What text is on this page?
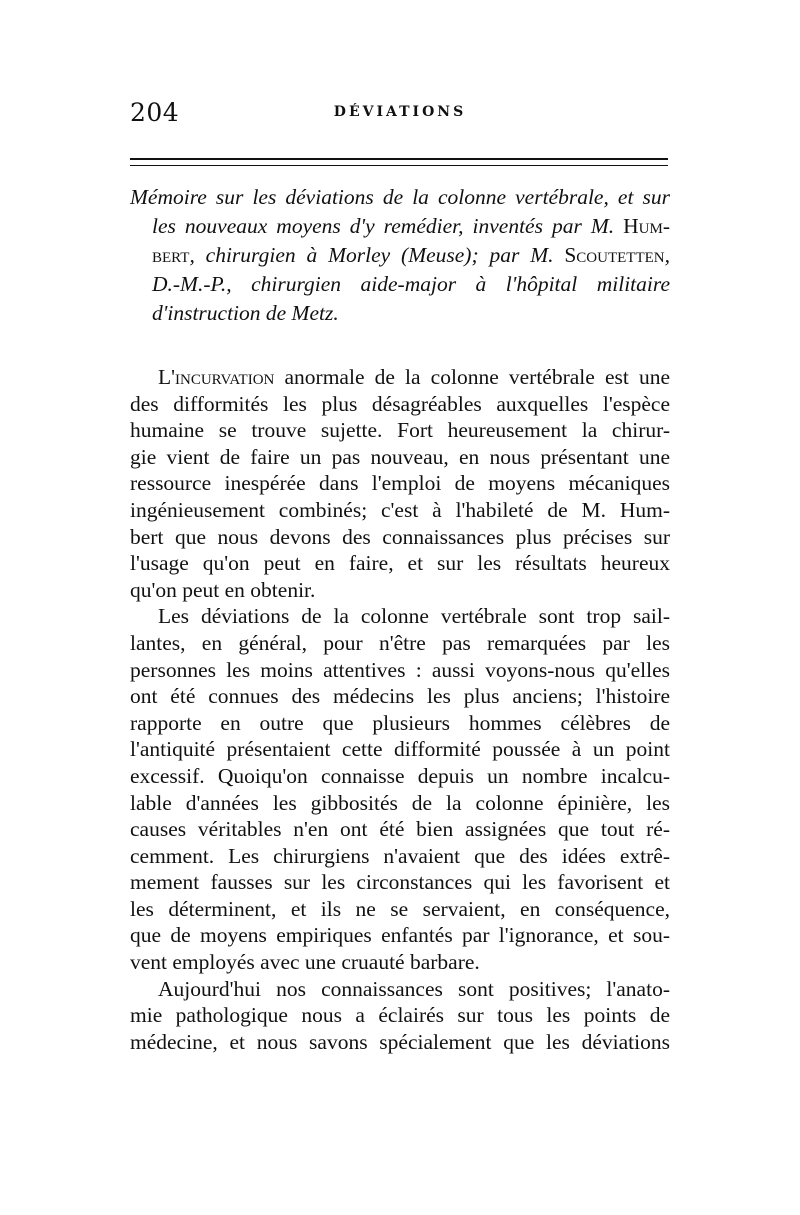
204	DÉVIATIONS
Mémoire sur les déviations de la colonne vertébrale, et sur
les nouveaux moyens d'y remédier, inventés par M. Hum-
bert, chirurgien à Morley (Meuse); par M. Scoutetten,
D.-M.-P., chirurgien aide-major à l'hôpital militaire
d'instruction de Metz.
L'incurvation anormale de la colonne vertébrale est une
des difformités les plus désagréables auxquelles l'espèce
humaine se trouve sujette. Fort heureusement la chirur-
gie vient de faire un pas nouveau, en nous présentant une
ressource inespérée dans l'emploi de moyens mécaniques
ingénieusement combinés; c'est à l'habileté de M. Hum-
bert que nous devons des connaissances plus précises sur
l'usage qu'on peut en faire, et sur les résultats heureux
qu'on peut en obtenir.
Les déviations de la colonne vertébrale sont trop sail-
lantes, en général, pour n'être pas remarquées par les
personnes les moins attentives : aussi voyons-nous qu'elles
ont été connues des médecins les plus anciens; l'histoire
rapporte en outre que plusieurs hommes célèbres de
l'antiquité présentaient cette difformité poussée à un point
excessif. Quoiqu'on connaisse depuis un nombre incalcu-
lable d'années les gibbosités de la colonne épinière, les
causes véritables n'en ont été bien assignées que tout ré-
cemment. Les chirurgiens n'avaient que des idées extrê-
mement fausses sur les circonstances qui les favorisent et
les déterminent, et ils ne se servaient, en conséquence,
que de moyens empiriques enfantés par l'ignorance, et sou-
vent employés avec une cruauté barbare.
Aujourd'hui nos connaissances sont positives; l'anato-
mie pathologique nous a éclairés sur tous les points de
médecine, et nous savons spécialement que les déviations
